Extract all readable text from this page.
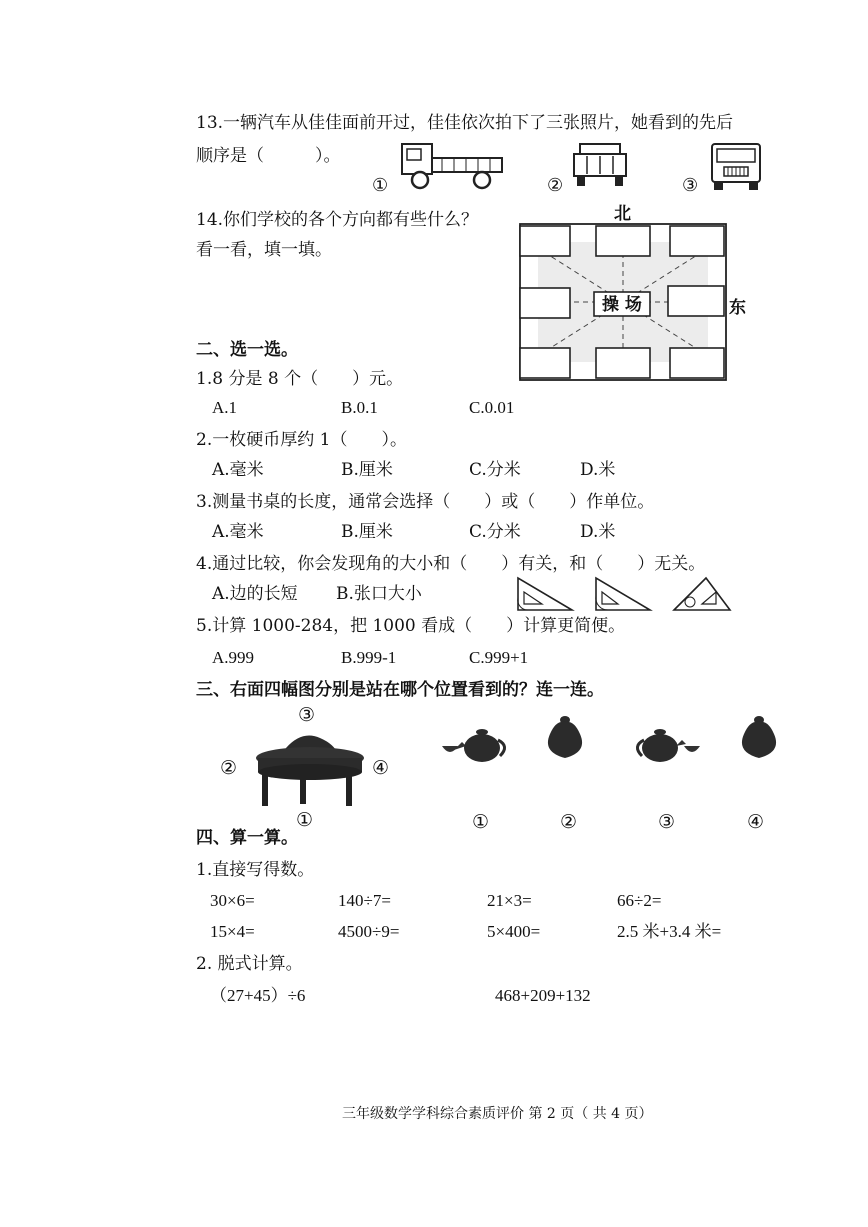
13.一辆汽车从佳佳面前开过，佳佳依次拍下了三张照片，她看到的先后
顺序是（　　　）。
①	②	③
14.你们学校的各个方向都有些什么？
看一看，填一填。
北
东
操 场
二、选一选。
1.8 分是 8 个（　　）元。
A.1	B.0.1	C.0.01
2.一枚硬币厚约 1（　　）。
A.毫米	B.厘米	C.分米	D.米
3.测量书桌的长度，通常会选择（　　）或（　　）作单位。
A.毫米	B.厘米	C.分米	D.米
4.通过比较，你会发现角的大小和（　　）有关，和（　　）无关。
A.边的长短 B.张口大小
5.计算 1000-284，把 1000 看成（　　）计算更简便。
A.999	B.999-1	C.999+1
三、右面四幅图分别是站在哪个位置看到的？连一连。
③
②	④
①	①	②	③	④
四、算一算。
1.直接写得数。
30×6=	140÷7=	21×3=	66÷2=
15×4=	4500÷9=	5×400=	2.5 米+3.4 米=
2. 脱式计算。
（27+45）÷6	468+209+132
三年级数学学科综合素质评价 第 2 页（ 共 4 页）
